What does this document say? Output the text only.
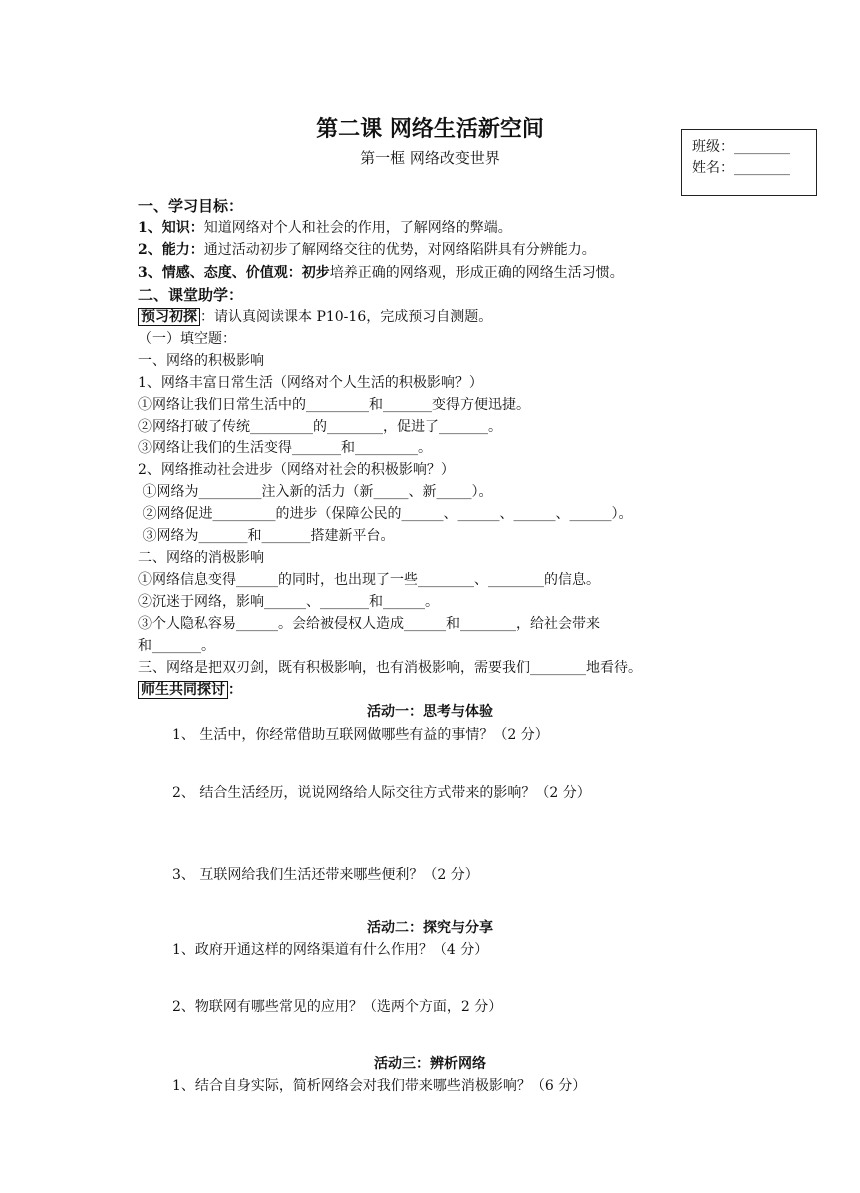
第二课 网络生活新空间
第一框 网络改变世界
班级：________
姓名：________
一、学习目标：
1、知识：知道网络对个人和社会的作用，了解网络的弊端。
2、能力：通过活动初步了解网络交往的优势，对网络陷阱具有分辨能力。
3、情感、态度、价值观：初步培养正确的网络观，形成正确的网络生活习惯。
二、课堂助学：
预习初探 ：请认真阅读课本 P10-16，完成预习自测题。
（一）填空题：
一、网络的积极影响
1、网络丰富日常生活（网络对个人生活的积极影响？）
①网络让我们日常生活中的_________和_______变得方便迅捷。
②网络打破了传统_________的________，促进了_______。
③网络让我们的生活变得_______和_________。
2、网络推动社会进步（网络对社会的积极影响？）
①网络为_________注入新的活力（新_____、新_____）。
②网络促进_________的进步（保障公民的______、______、______、______）。
③网络为_______和_______搭建新平台。
二、网络的消极影响
①网络信息变得______的同时，也出现了一些________、________的信息。
②沉迷于网络，影响______、_______和______。
③个人隐私容易______。会给被侵权人造成______和________，给社会带来
和_______。
三、网络是把双刃剑，既有积极影响，也有消极影响，需要我们________地看待。
师生共同探讨 ：
活动一：思考与体验
1、 生活中，你经常借助互联网做哪些有益的事情？（2 分）
2、 结合生活经历，说说网络给人际交往方式带来的影响？（2 分）
3、 互联网给我们生活还带来哪些便利？（2 分）
活动二：探究与分享
1、政府开通这样的网络渠道有什么作用？（4 分）
2、物联网有哪些常见的应用？（选两个方面，2 分）
活动三：辨析网络
1、结合自身实际，简析网络会对我们带来哪些消极影响？（6 分）
